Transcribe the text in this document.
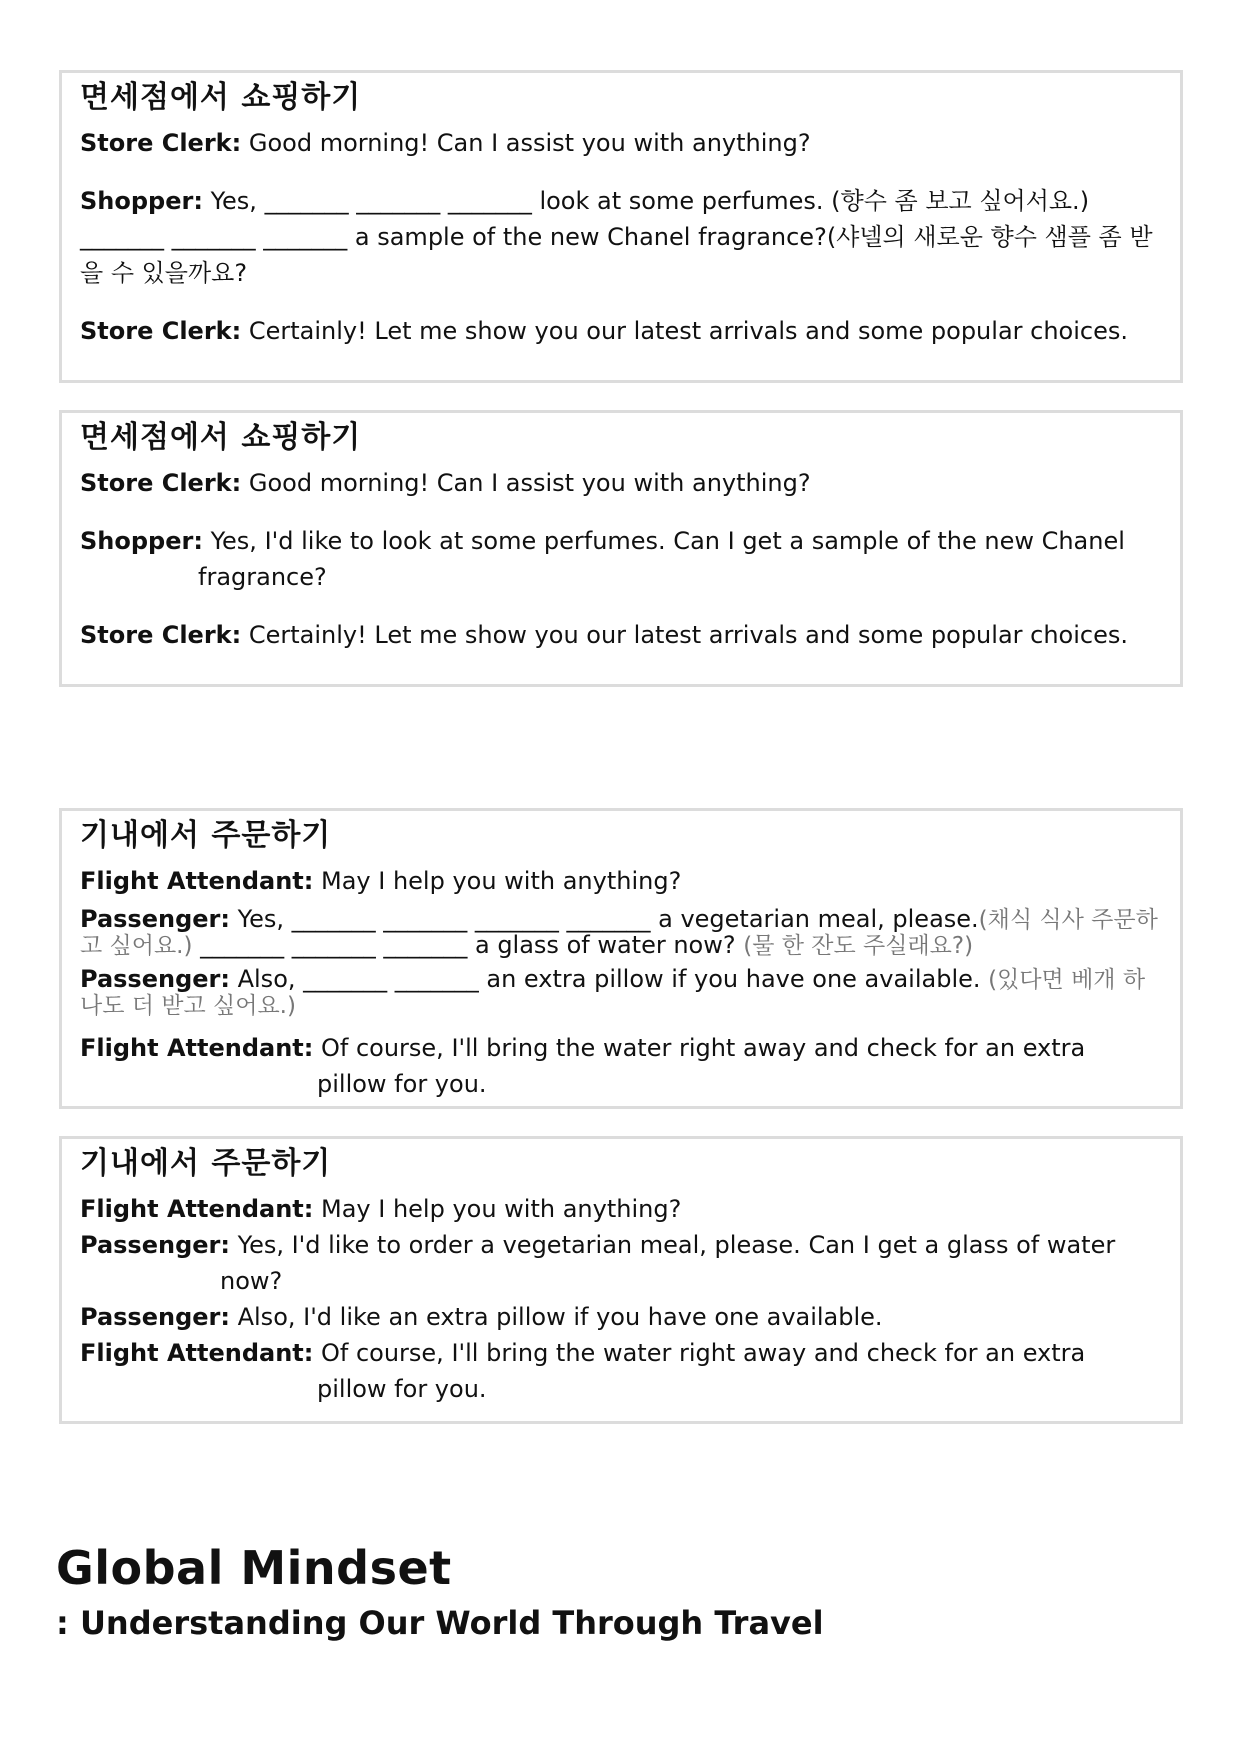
면세점에서 쇼핑하기

Store Clerk: Good morning! Can I assist you with anything?

Shopper: Yes, _______ _______ _______ look at some perfumes. (향수 좀 보고 싶어서요.) _______ _______ _______ a sample of the new Chanel fragrance?(샤넬의 새로운 향수 샘플 좀 받을 수 있을까요?

Store Clerk: Certainly! Let me show you our latest arrivals and some popular choices.

면세점에서 쇼핑하기

Store Clerk: Good morning! Can I assist you with anything?

Shopper: Yes, I'd like to look at some perfumes. Can I get a sample of the new Chanel fragrance?

Store Clerk: Certainly! Let me show you our latest arrivals and some popular choices.

기내에서 주문하기

Flight Attendant: May I help you with anything?

Passenger: Yes, _______ _______ _______ _______ a vegetarian meal, please.(채식 식사 주문하고 싶어요.) _______ _______ _______ a glass of water now? (물 한 잔도 주실래요?)

Passenger: Also, _______ _______ an extra pillow if you have one available. (있다면 베개 하나도 더 받고 싶어요.)

Flight Attendant: Of course, I'll bring the water right away and check for an extra pillow for you.

기내에서 주문하기

Flight Attendant: May I help you with anything?

Passenger: Yes, I'd like to order a vegetarian meal, please. Can I get a glass of water now?

Passenger: Also, I'd like an extra pillow if you have one available.

Flight Attendant: Of course, I'll bring the water right away and check for an extra pillow for you.

Global Mindset

: Understanding Our World Through Travel
